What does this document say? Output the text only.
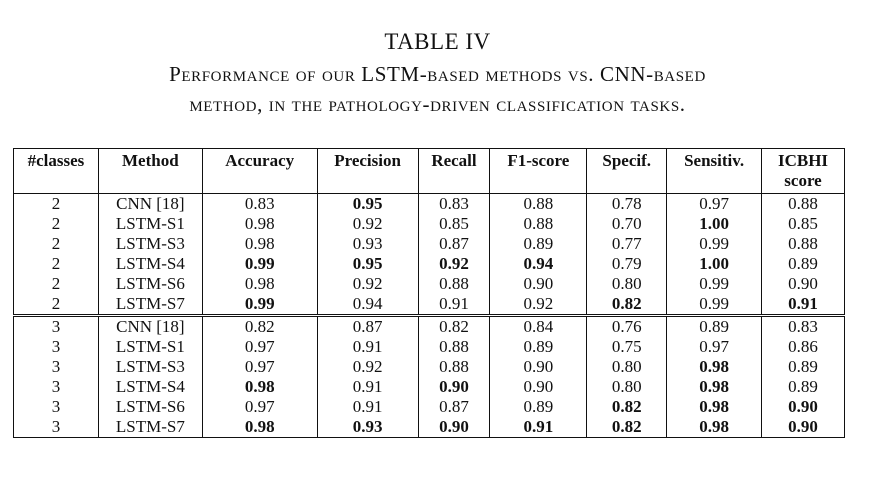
TABLE IV
Performance of our LSTM-based methods vs. CNN-based
method, in the pathology-driven classification tasks.
#classes	Method	Accuracy	Precision	Recall	F1-score	Specif.	Sensitiv.	ICBHI score
2	CNN [18]	0.83	0.95	0.83	0.88	0.78	0.97	0.88
2	LSTM-S1	0.98	0.92	0.85	0.88	0.70	1.00	0.85
2	LSTM-S3	0.98	0.93	0.87	0.89	0.77	0.99	0.88
2	LSTM-S4	0.99	0.95	0.92	0.94	0.79	1.00	0.89
2	LSTM-S6	0.98	0.92	0.88	0.90	0.80	0.99	0.90
2	LSTM-S7	0.99	0.94	0.91	0.92	0.82	0.99	0.91
3	CNN [18]	0.82	0.87	0.82	0.84	0.76	0.89	0.83
3	LSTM-S1	0.97	0.91	0.88	0.89	0.75	0.97	0.86
3	LSTM-S3	0.97	0.92	0.88	0.90	0.80	0.98	0.89
3	LSTM-S4	0.98	0.91	0.90	0.90	0.80	0.98	0.89
3	LSTM-S6	0.97	0.91	0.87	0.89	0.82	0.98	0.90
3	LSTM-S7	0.98	0.93	0.90	0.91	0.82	0.98	0.90
